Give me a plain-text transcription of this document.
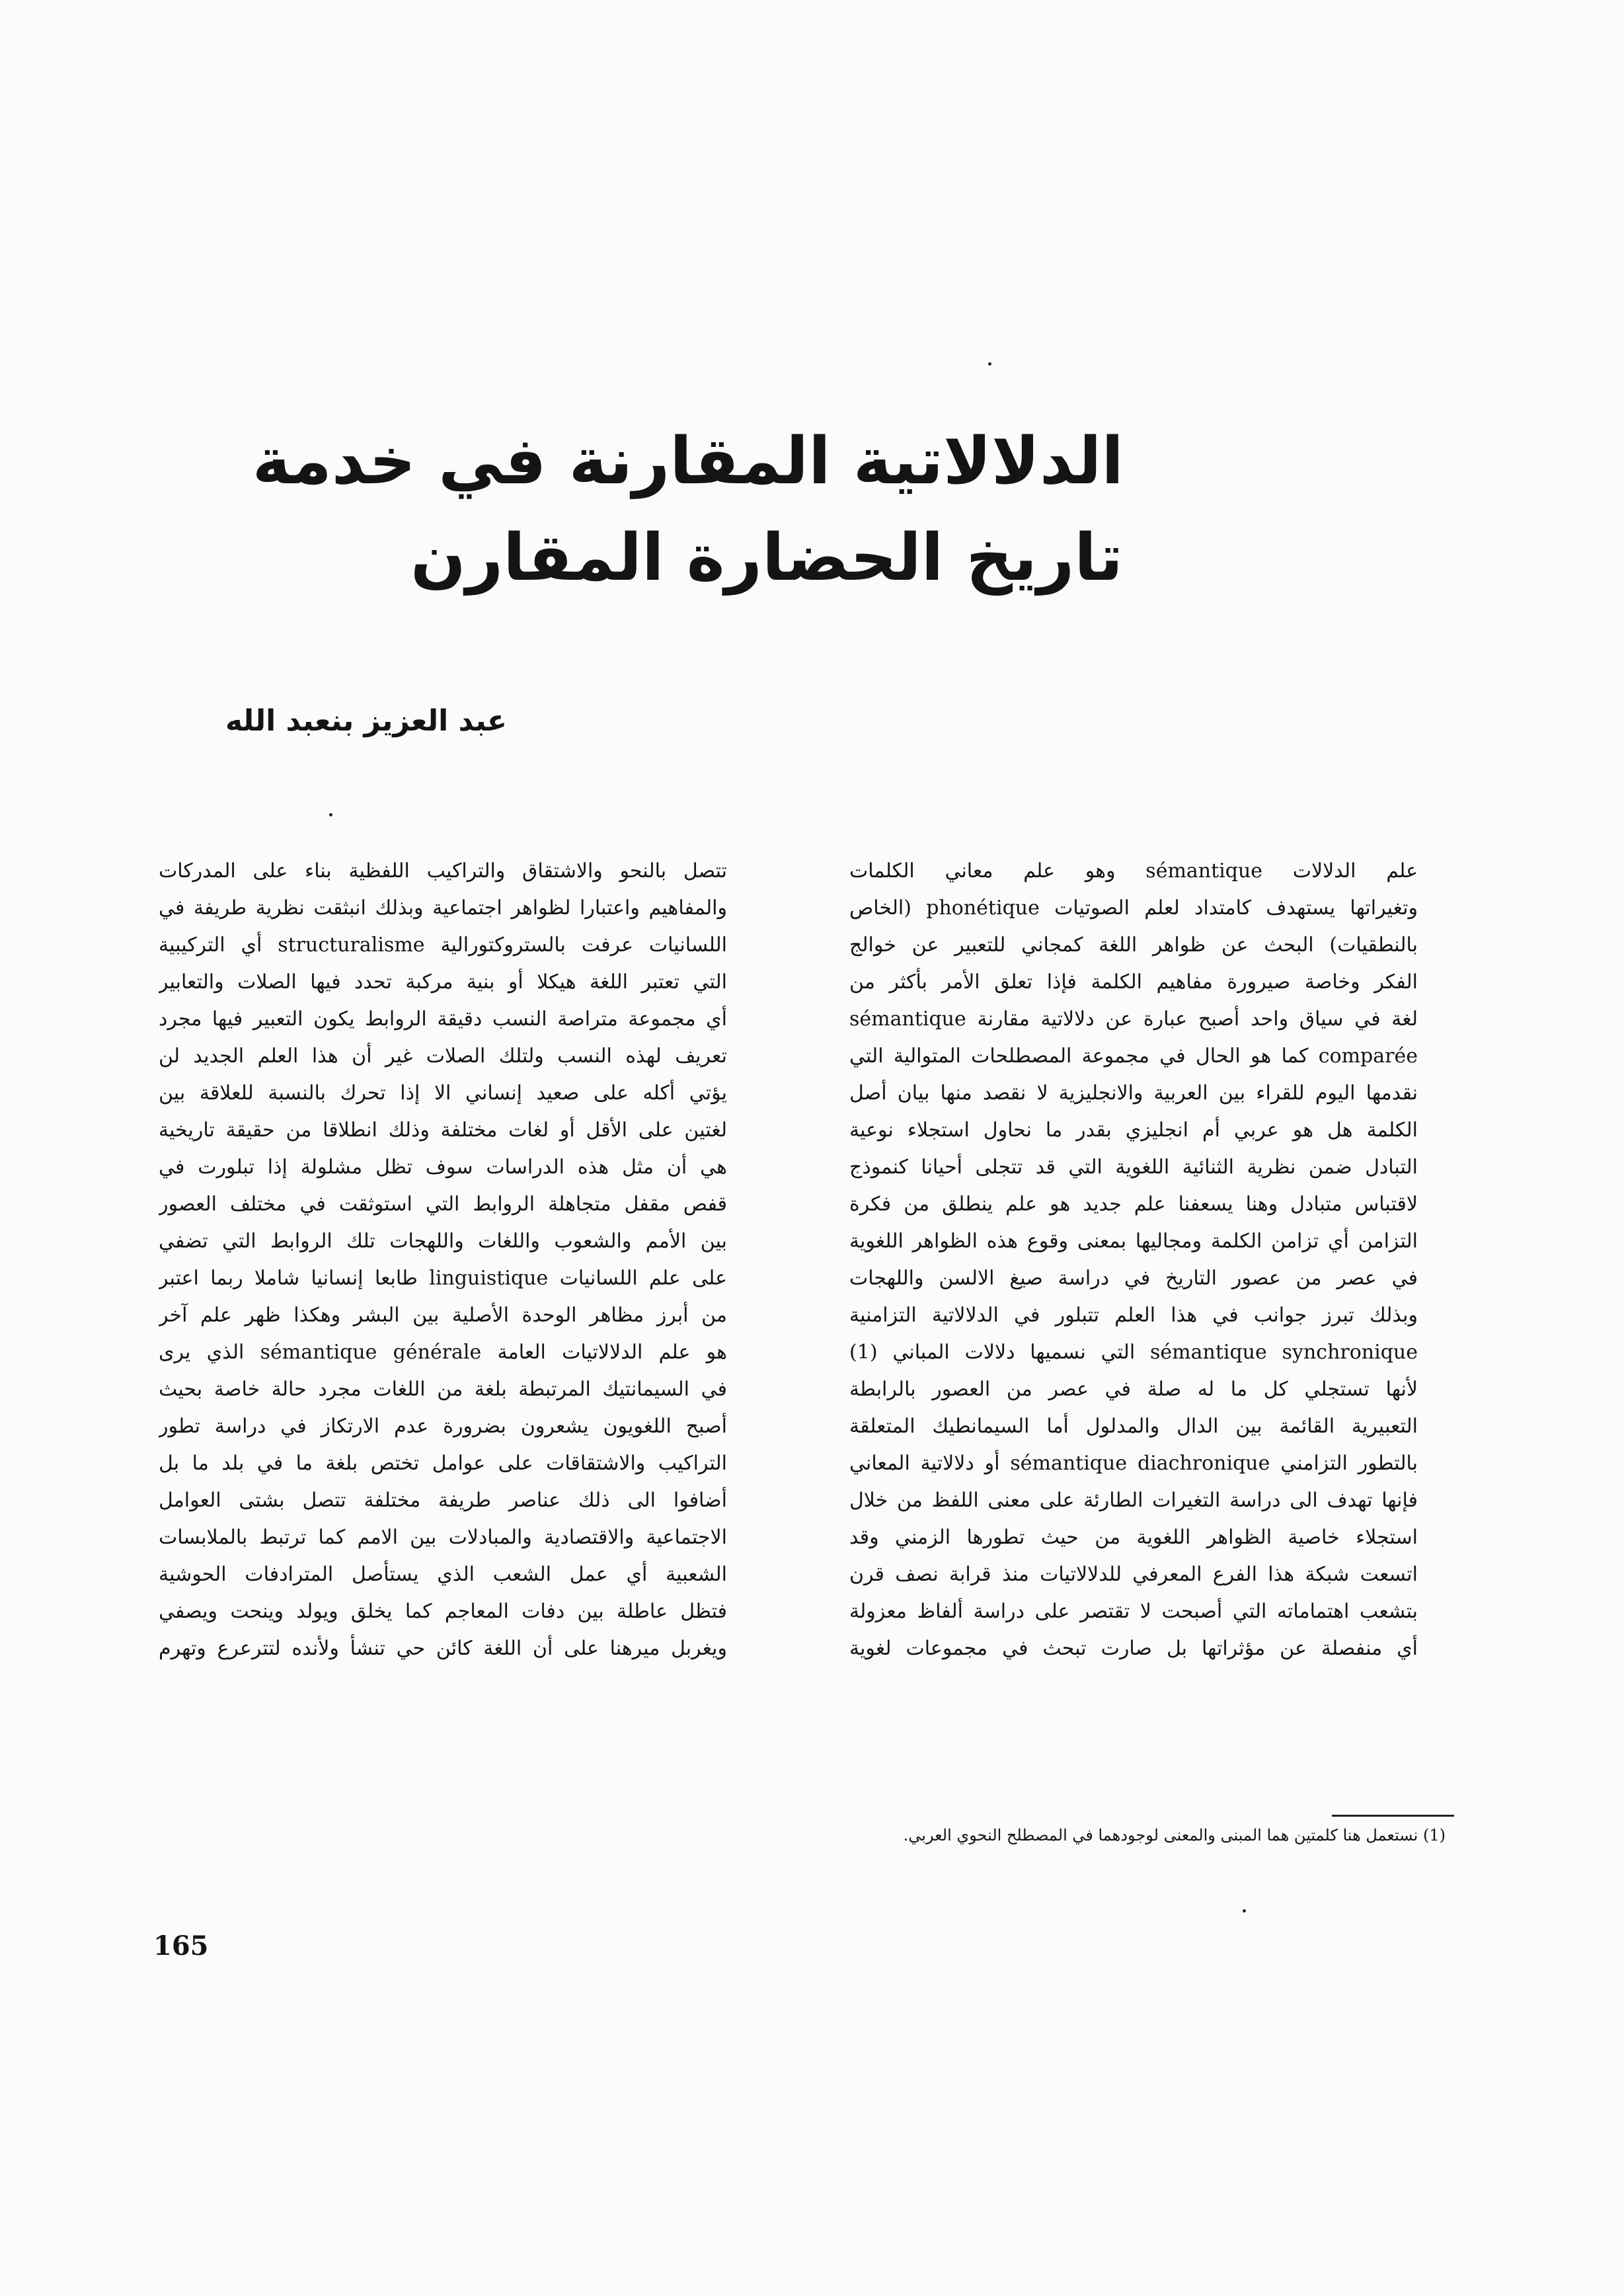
الدلالاتية المقارنة في خدمة
تاريخ الحضارة المقارن
عبد العزيز بنعبد الله
علم الدلالات sémantique وهو علم معاني الكلمات
وتغيراتها يستهدف كامتداد لعلم الصوتيات phonétique (الخاص
بالنطقيات) البحث عن ظواهر اللغة كمجاني للتعبير عن خوالج
الفكر وخاصة صيرورة مفاهيم الكلمة فإذا تعلق الأمر بأكثر من
لغة في سياق واحد أصبح عبارة عن دلالاتية مقارنة sémantique
comparée كما هو الحال في مجموعة المصطلحات المتوالية التي
نقدمها اليوم للقراء بين العربية والانجليزية لا نقصد منها بيان أصل
الكلمة هل هو عربي أم انجليزي بقدر ما نحاول استجلاء نوعية
التبادل ضمن نظرية الثنائية اللغوية التي قد تتجلى أحيانا كنموذج
لاقتباس متبادل وهنا يسعفنا علم جديد هو علم ينطلق من فكرة
التزامن أي تزامن الكلمة ومجاليها بمعنى وقوع هذه الظواهر اللغوية
في عصر من عصور التاريخ في دراسة صيغ الالسن واللهجات
وبذلك تبرز جوانب في هذا العلم تتبلور في الدلالاتية التزامنية
sémantique synchronique التي نسميها دلالات المباني (1)
لأنها تستجلي كل ما له صلة في عصر من العصور بالرابطة
التعبيرية القائمة بين الدال والمدلول أما السيمانطيك المتعلقة
بالتطور التزامني sémantique diachronique أو دلالاتية المعاني
فإنها تهدف الى دراسة التغيرات الطارئة على معنى اللفظ من خلال
استجلاء خاصية الظواهر اللغوية من حيث تطورها الزمني وقد
اتسعت شبكة هذا الفرع المعرفي للدلالاتيات منذ قرابة نصف قرن
بتشعب اهتماماته التي أصبحت لا تقتصر على دراسة ألفاظ معزولة
أي منفصلة عن مؤثراتها بل صارت تبحث في مجموعات لغوية
تتصل بالنحو والاشتقاق والتراكيب اللفظية بناء على المدركات
والمفاهيم واعتبارا لظواهر اجتماعية وبذلك انبثقت نظرية طريفة في
اللسانيات عرفت بالستروكتورالية structuralisme أي التركيبية
التي تعتبر اللغة هيكلا أو بنية مركبة تحدد فيها الصلات والتعابير
أي مجموعة متراصة النسب دقيقة الروابط يكون التعبير فيها مجرد
تعريف لهذه النسب ولتلك الصلات غير أن هذا العلم الجديد لن
يؤتي أكله على صعيد إنساني الا إذا تحرك بالنسبة للعلاقة بين
لغتين على الأقل أو لغات مختلفة وذلك انطلاقا من حقيقة تاريخية
هي أن مثل هذه الدراسات سوف تظل مشلولة إذا تبلورت في
قفص مقفل متجاهلة الروابط التي استوثقت في مختلف العصور
بين الأمم والشعوب واللغات واللهجات تلك الروابط التي تضفي
على علم اللسانيات linguistique طابعا إنسانيا شاملا ربما اعتبر
من أبرز مظاهر الوحدة الأصلية بين البشر وهكذا ظهر علم آخر
هو علم الدلالاتيات العامة sémantique générale الذي يرى
في السيمانتيك المرتبطة بلغة من اللغات مجرد حالة خاصة بحيث
أصبح اللغويون يشعرون بضرورة عدم الارتكاز في دراسة تطور
التراكيب والاشتقاقات على عوامل تختص بلغة ما في بلد ما بل
أضافوا الى ذلك عناصر طريفة مختلفة تتصل بشتى العوامل
الاجتماعية والاقتصادية والمبادلات بين الامم كما ترتبط بالملابسات
الشعبية أي عمل الشعب الذي يستأصل المترادفات الحوشية
فتظل عاطلة بين دفات المعاجم كما يخلق ويولد وينحت ويصفي
ويغربل ميرهنا على أن اللغة كائن حي تنشأ ولأنده لتترعرع وتهرم
(1) نستعمل هنا كلمتين هما المبنى والمعنى لوجودهما في المصطلح النحوي العربي.
165
